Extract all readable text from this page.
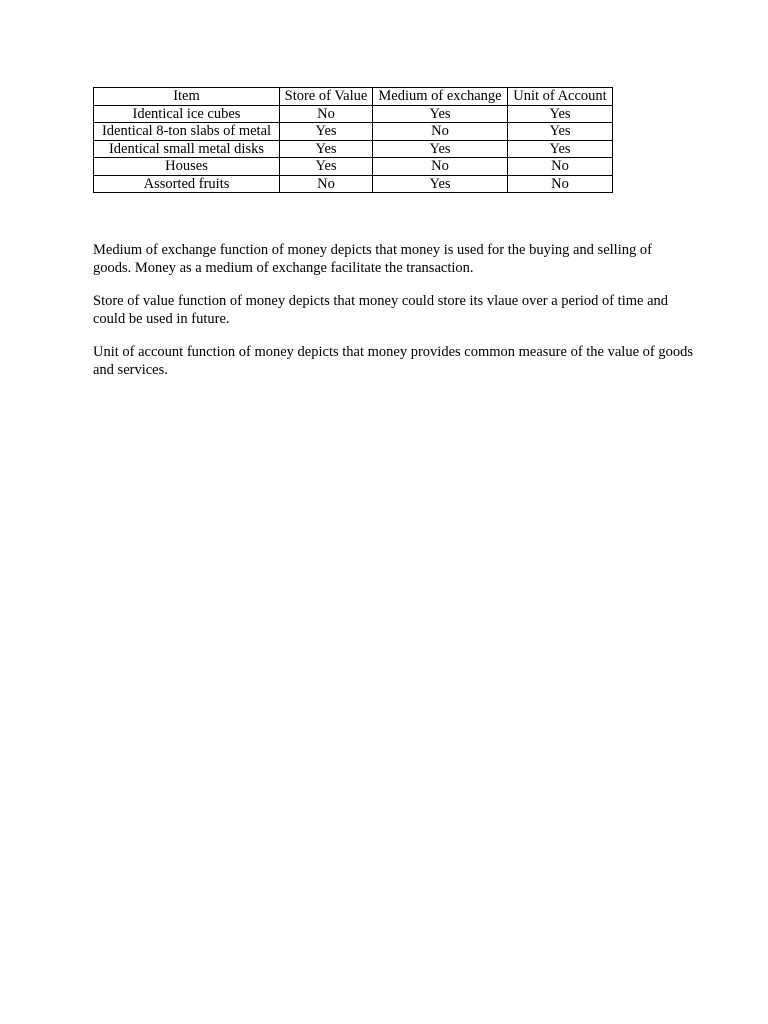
Item	Store of Value	Medium of exchange	Unit of Account
Identical ice cubes	No	Yes	Yes
Identical 8-ton slabs of metal	Yes	No	Yes
Identical small metal disks	Yes	Yes	Yes
Houses	Yes	No	No
Assorted fruits	No	Yes	No

Medium of exchange function of money depicts that money is used for the buying and selling of goods. Money as a medium of exchange facilitate the transaction.

Store of value function of money depicts that money could store its vlaue over a period of time and could be used in future.

Unit of account function of money depicts that money provides common measure of the value of goods and services.
